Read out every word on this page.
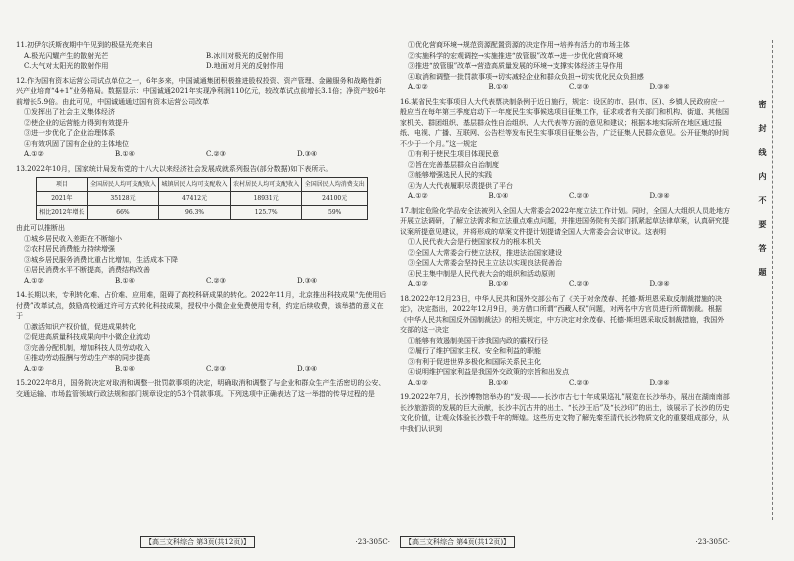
11.初伊尔沃斯夜期中午见到的极昼光亮来自

A.极光闪耀产生的散射光芒	B.冰川对极光的反射作用
C.大气对太阳光的散射作用	D.地面对月光的反射作用

12.作为国有资本运营公司试点单位之一，6年多来，中国诚通集团积极推进股权投资、资产管理、金融服务和战略性新兴产业培育“4+1”业务格局。数据显示：中国诚通2021年实现净利润110亿元，较改革试点前增长3.1倍；净资产较6年前增长5.9倍。由此可见，中国诚通通过国有资本运营公司改革

①发挥出了社会主义集体经济

②使企业的运营能力得到有效提升

③进一步优化了企业治理体系

④有效巩固了国有企业的主体地位

A.①②	B.①④	C.②③	D.③④

13.2022年10月，国家统计局发布党的十八大以来经济社会发展成就系列报告(部分数据)如下表所示。

项目	全国居民人均可支配收入	城镇居民人均可支配收入	农村居民人均可支配收入	全国居民人均消费支出
2021年	35128元	47412元	18931元	24100元
相比2012年增长	66%	96.3%	125.7%	59%

由此可以推断出

①城乡居民收入差距在不断缩小

②农村居民消费能力持续增强

③城乡居民服务消费比重占比增加，生活成本下降

④居民消费水平不断提高，消费结构改善

A.①②	B.①④	C.②③	D.③④

14.长期以来，专利转化难、占价难、应用难，阻碍了高校科研成果的转化。2022年11月，北京推出科技成果“先使用后付费”改革试点，鼓励高校通过许可方式转化科技成果，授权中小微企业免费使用专利，约定后续收费，该举措的意义在于

①激活知识产权价值，促进成果转化

②促进高质量科技成果向中小微企业流动

③完善分配机制，增加科技人员劳动收入

④推动劳动报酬与劳动生产率的同步提高

A.①②	B.①④	C.②③	D.③④

15.2022年8月，国务院决定对取消和调整一批罚款事项的决定，明确取消和调整了与企业和群众生产生活密切的公安、交通运输、市场监管领域行政法规和部门规章设定的53个罚款事项。下列选项中正确表达了这一举措的传导过程的是

①优化营商环境→规范资源配置资源的决定作用→培养有活力的市场主体

②实施科学的宏观调控→实施推进“放管服”改革→进一步优化营商环境

③推进“放管服”改革→营造高质量发展的环境→支撑实体经济主导作用

④取消和调整一批罚款事项→切实减轻企业和群众负担→切实优化民众负担感

A.①②	B.①④	C.②③	D.③④

16.某省民生实事项目人大代表票决制条例于近日施行，规定：设区的市、县(市、区)、乡镇人民政府应一般应当在每年第三季度启动下一年度民生实事候选项目征集工作，征求或者有关部门和机构、街道、其他国家机关、群团组织、基层群众性自治组织、人大代表等方面的意见和建议；根据本地实际所在地区通过报纸、电视、广播、互联网、公告栏等发布民生实事项目征集公告，广泛征集人民群众意见。公开征集的时间不少于一个月。”这一规定

①有利于使民生项目体现民意

②旨在完善基层群众自治制度

③能够增强选民人民的实践

④为人大代表履职尽责提供了平台

A.①②	B.①④	C.②③	D.③④

17.制定危险化学品安全法被列入全国人大常委会2022年度立法工作计划。同时，全国人大组织人员赴地方开展立法调研，了解立法需求和立法重点难点问题，并推进国务院有关部门抓紧起草法律草案，认真研究提议案所提意见建议，并将形成的草案文件提计划提请全国人大常委会会议审议。这表明

①人民代表大会是行使国家权力的根本机关

②全国人大常委会行使立法权，推进法治国家建设

③全国人大常委会坚持民主立法以实现良法促善治

④民主集中制是人民代表大会的组织和活动原则

A.①②	B.①④	C.②③	D.③④

18.2022年12月23日，中华人民共和国外交部公布了《关于对余茂春、托德·斯坦恩采取反制裁措施的决定》，决定指出，2022年12月9日，美方借口所谓“西藏人权”问题，对两名中方官员进行所谓制裁。根据《中华人民共和国反外国制裁法》的相关规定，中方决定对余茂春、托德·斯坦恩采取反制裁措施，我国外交部的这一决定

①能够有效遏制美国干涉我国内政的霸权行径

②履行了维护国家主权、安全和利益的职能

③有利于促进世界多极化和国际关系民主化

④说明维护国家利益是我国外交政策的宗旨和出发点

A.①②	B.①④	C.②③	D.③④

19.2022年7月，长沙博物馆举办的“发·现——长沙市古七十年成果巡礼”展览在长沙举办，展出在湖南南部长沙旅游资的发展的巨大贡献，长沙丰沉古井的出土、“长沙王后”及“长沙印”的出土，该展示了长沙的历史文化价值，让观众体验长沙数千年的辉煌。这些历史文物了解先秦至清代长沙物质文化的重要组成部分，从中我们认识到

【高三文科综合 第3页(共12页)】	·23-305C·	【高三文科综合 第4页(共12页)】	·23-305C·
密封线内不要答题
